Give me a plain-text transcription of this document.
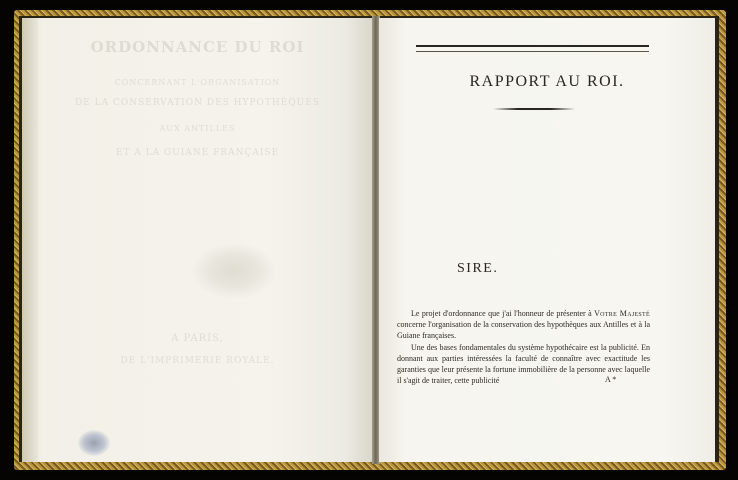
ORDONNANCE DU ROI
CONCERNANT L'ORGANISATION
DE LA CONSERVATION DES HYPOTHÈQUES
AUX ANTILLES
ET A LA GUIANE FRANÇAISE
A PARIS,
DE L'IMPRIMERIE ROYALE.
RAPPORT AU ROI.
SIRE.

Le projet d'ordonnance que j'ai l'honneur de présenter à Votre Majesté concerne l'organisation de la conservation des hypothèques aux Antilles et à la Guiane françaises.

Une des bases fondamentales du système hypothécaire est la publicité. En donnant aux parties intéressées la faculté de connaître avec exactitude les garanties que leur présente la fortune immobilière de la personne avec laquelle il s'agit de traiter, cette publicité	A *
